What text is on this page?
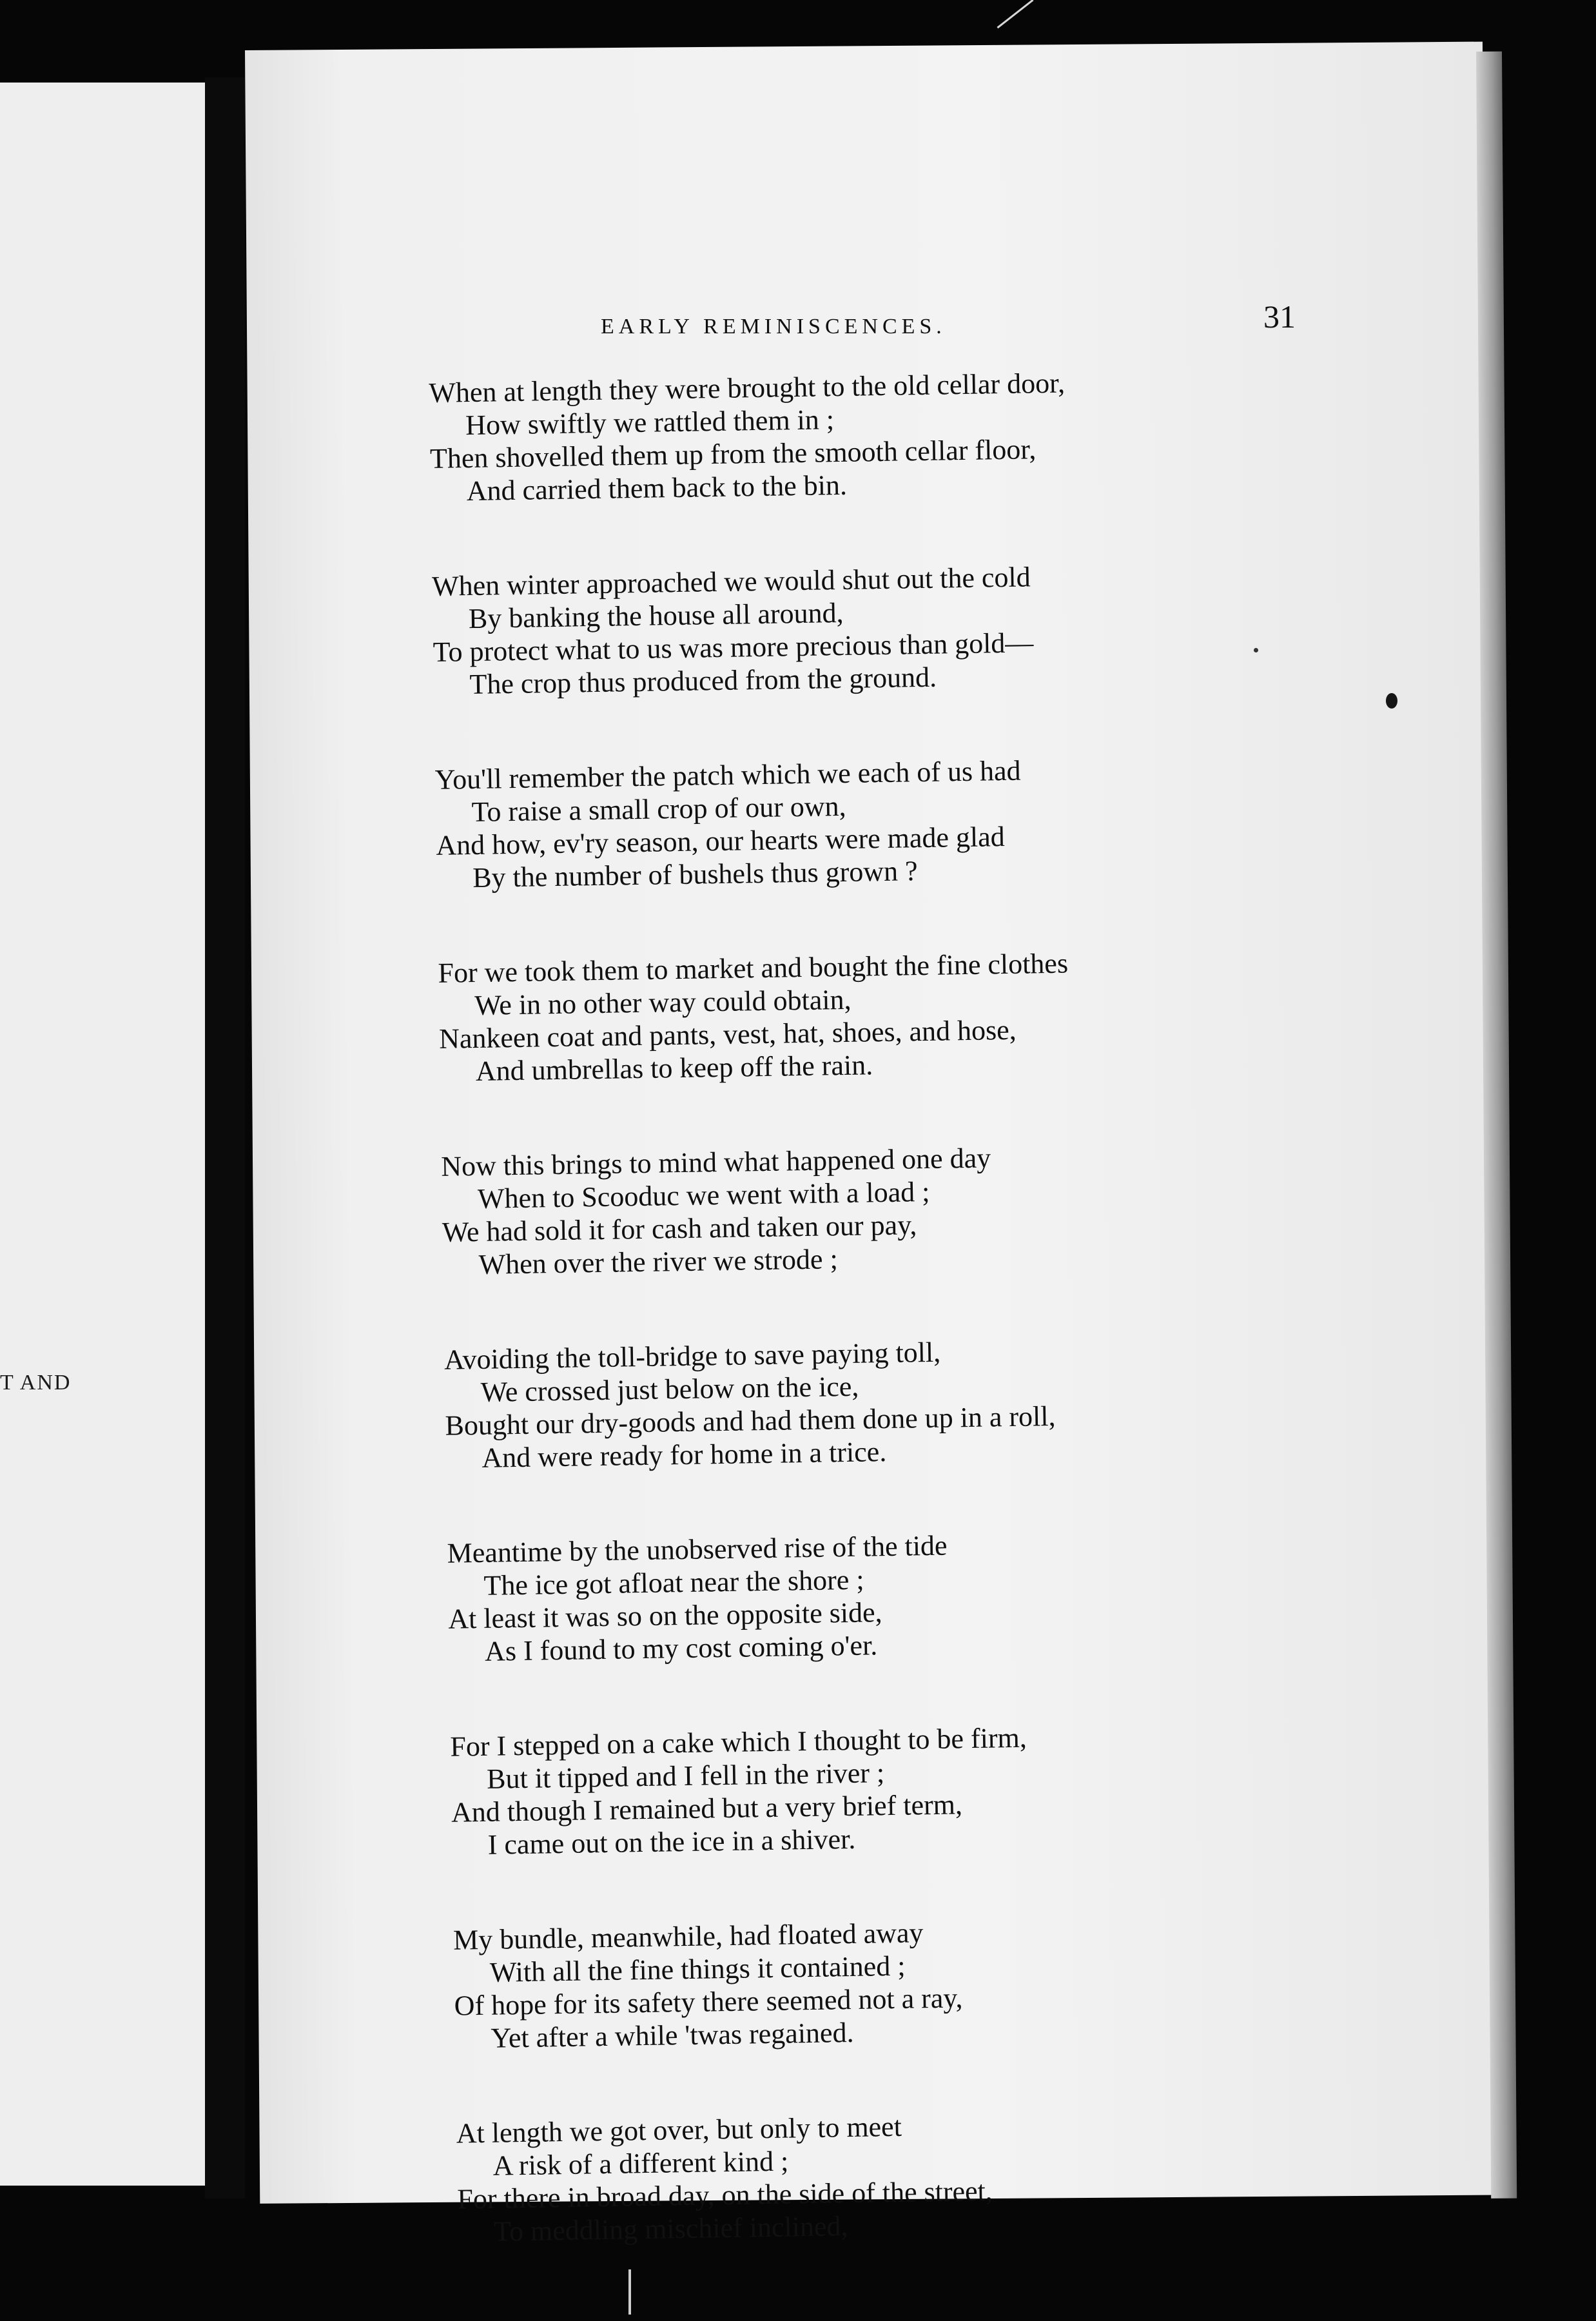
T AND
EARLY REMINISCENCES.	31
When at length they were brought to the old cellar door,
How swiftly we rattled them in ;
Then shovelled them up from the smooth cellar floor,
And carried them back to the bin.
When winter approached we would shut out the cold
By banking the house all around,
To protect what to us was more precious than gold—
The crop thus produced from the ground.
You'll remember the patch which we each of us had
To raise a small crop of our own,
And how, ev'ry season, our hearts were made glad
By the number of bushels thus grown ?
For we took them to market and bought the fine clothes
We in no other way could obtain,
Nankeen coat and pants, vest, hat, shoes, and hose,
And umbrellas to keep off the rain.
Now this brings to mind what happened one day
When to Scooduc we went with a load ;
We had sold it for cash and taken our pay,
When over the river we strode ;
Avoiding the toll-bridge to save paying toll,
We crossed just below on the ice,
Bought our dry-goods and had them done up in a roll,
And were ready for home in a trice.
Meantime by the unobserved rise of the tide
The ice got afloat near the shore ;
At least it was so on the opposite side,
As I found to my cost coming o'er.
For I stepped on a cake which I thought to be firm,
But it tipped and I fell in the river ;
And though I remained but a very brief term,
I came out on the ice in a shiver.
My bundle, meanwhile, had floated away
With all the fine things it contained ;
Of hope for its safety there seemed not a ray,
Yet after a while 'twas regained.
At length we got over, but only to meet
A risk of a different kind ;
For there in broad day, on the side of the street,
To meddling mischief inclined,
